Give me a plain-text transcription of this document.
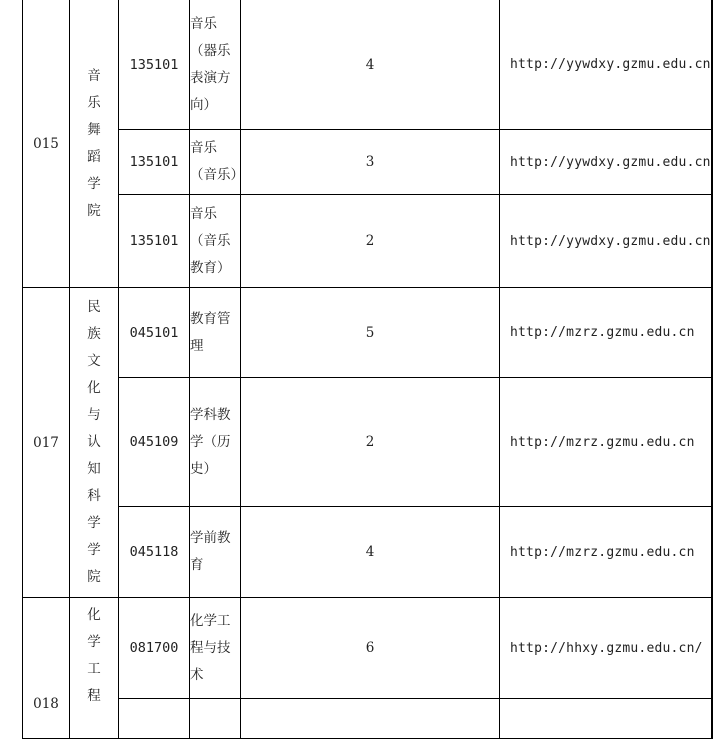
015	音乐舞蹈学院	135101	音乐（器乐表演方向）	4	http://yywdxy.gzmu.edu.cn	
		135101	音乐（音乐）	3	http://yywdxy.gzmu.edu.cn	
		135101	音乐（音乐教育）	2	http://yywdxy.gzmu.edu.cn	
017	民族文化与认知科学学院	045101	教育管理	5	http://mzrz.gzmu.edu.cn	
		045109	学科教学（历史）	2	http://mzrz.gzmu.edu.cn	
		045118	学前教育	4	http://mzrz.gzmu.edu.cn	
018	化学工程	081700	化学工程与技术	6	http://hhxy.gzmu.edu.cn/	
